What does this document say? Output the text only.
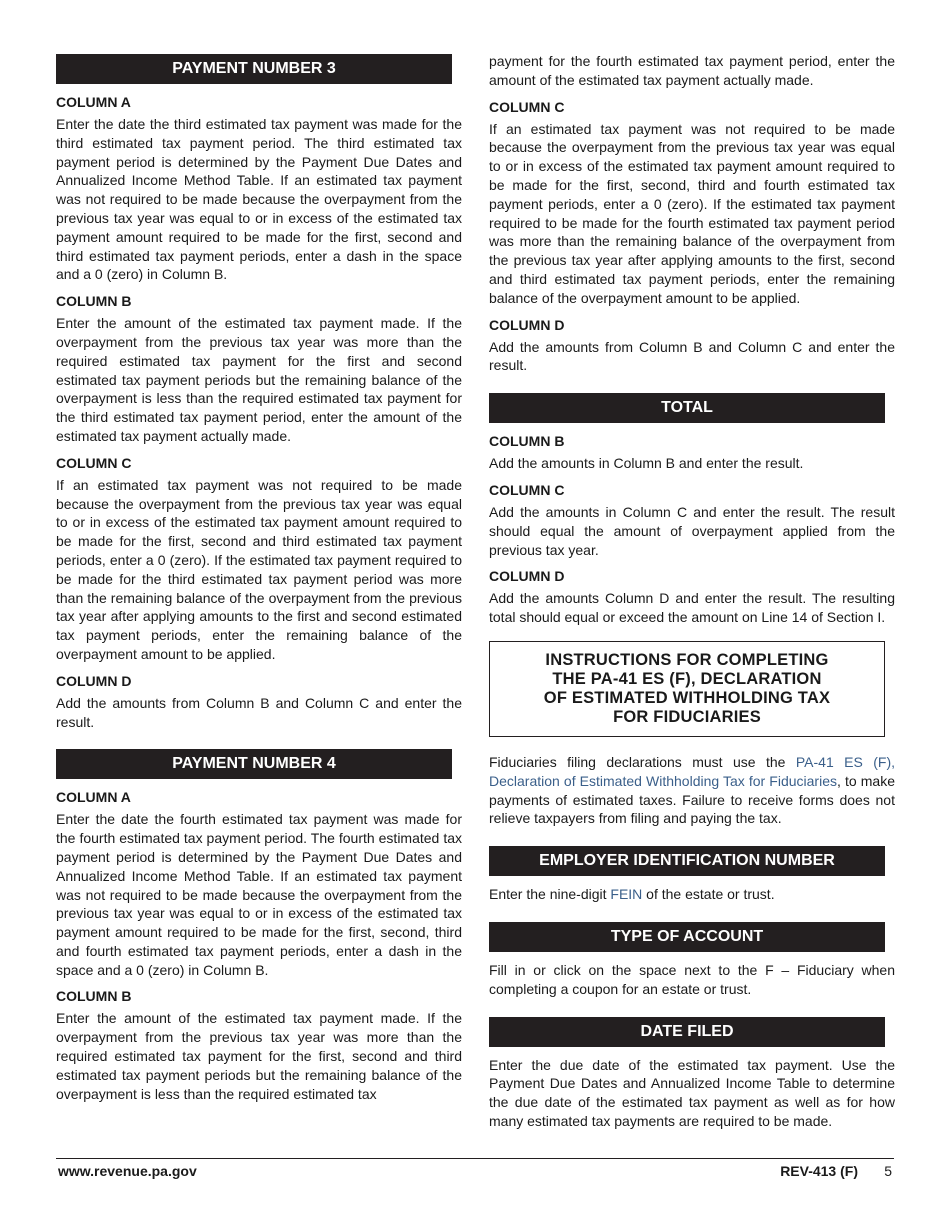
PAYMENT NUMBER 3
COLUMN A

Enter the date the third estimated tax payment was made for the third estimated tax payment period. The third estimated tax payment period is determined by the Payment Due Dates and Annualized Income Method Table. If an estimated tax payment was not required to be made because the overpayment from the previous tax year was equal to or in excess of the estimated tax payment amount required to be made for the first, second and third estimated tax payment periods, enter a dash in the space and a 0 (zero) in Column B.

COLUMN B

Enter the amount of the estimated tax payment made. If the overpayment from the previous tax year was more than the required estimated tax payment for the first and second estimated tax payment periods but the remaining balance of the overpayment is less than the required estimated tax payment for the third estimated tax payment period, enter the amount of the estimated tax payment actually made.

COLUMN C

If an estimated tax payment was not required to be made because the overpayment from the previous tax year was equal to or in excess of the estimated tax payment amount required to be made for the first, second and third estimated tax payment periods, enter a 0 (zero). If the estimated tax payment required to be made for the third estimated tax payment period was more than the remaining balance of the overpayment from the previous tax year after applying amounts to the first and second estimated tax payment periods, enter the remaining balance of the overpayment amount to be applied.

COLUMN D

Add the amounts from Column B and Column C and enter the result.

PAYMENT NUMBER 4
COLUMN A

Enter the date the fourth estimated tax payment was made for the fourth estimated tax payment period. The fourth estimated tax payment period is determined by the Payment Due Dates and Annualized Income Method Table. If an estimated tax payment was not required to be made because the overpayment from the previous tax year was equal to or in excess of the estimated tax payment amount required to be made for the first, second, third and fourth estimated tax payment periods, enter a dash in the space and a 0 (zero) in Column B.

COLUMN B

Enter the amount of the estimated tax payment made. If the overpayment from the previous tax year was more than the required estimated tax payment for the first, second and third estimated tax payment periods but the remaining balance of the overpayment is less than the required estimated tax

payment for the fourth estimated tax payment period, enter the amount of the estimated tax payment actually made.

COLUMN C

If an estimated tax payment was not required to be made because the overpayment from the previous tax year was equal to or in excess of the estimated tax payment amount required to be made for the first, second, third and fourth estimated tax payment periods, enter a 0 (zero). If the estimated tax payment required to be made for the fourth estimated tax payment period was more than the remaining balance of the overpayment from the previous tax year after applying amounts to the first, second and third estimated tax payment periods, enter the remaining balance of the overpayment amount to be applied.

COLUMN D

Add the amounts from Column B and Column C and enter the result.

TOTAL
COLUMN B

Add the amounts in Column B and enter the result.

COLUMN C

Add the amounts in Column C and enter the result. The result should equal the amount of overpayment applied from the previous tax year.

COLUMN D

Add the amounts Column D and enter the result. The resulting total should equal or exceed the amount on Line 14 of Section I.

INSTRUCTIONS FOR COMPLETING
THE PA-41 ES (F), DECLARATION
OF ESTIMATED WITHHOLDING TAX
FOR FIDUCIARIES

Fiduciaries filing declarations must use the PA-41 ES (F), Declaration of Estimated Withholding Tax for Fiduciaries, to make payments of estimated taxes. Failure to receive forms does not relieve taxpayers from filing and paying the tax.

EMPLOYER IDENTIFICATION NUMBER

Enter the nine-digit FEIN of the estate or trust.

TYPE OF ACCOUNT

Fill in or click on the space next to the F – Fiduciary when completing a coupon for an estate or trust.

DATE FILED

Enter the due date of the estimated tax payment. Use the Payment Due Dates and Annualized Income Table to determine the due date of the estimated tax payment as well as for how many estimated tax payments are required to be made.

www.revenue.pa.gov	REV-413 (F) 5
